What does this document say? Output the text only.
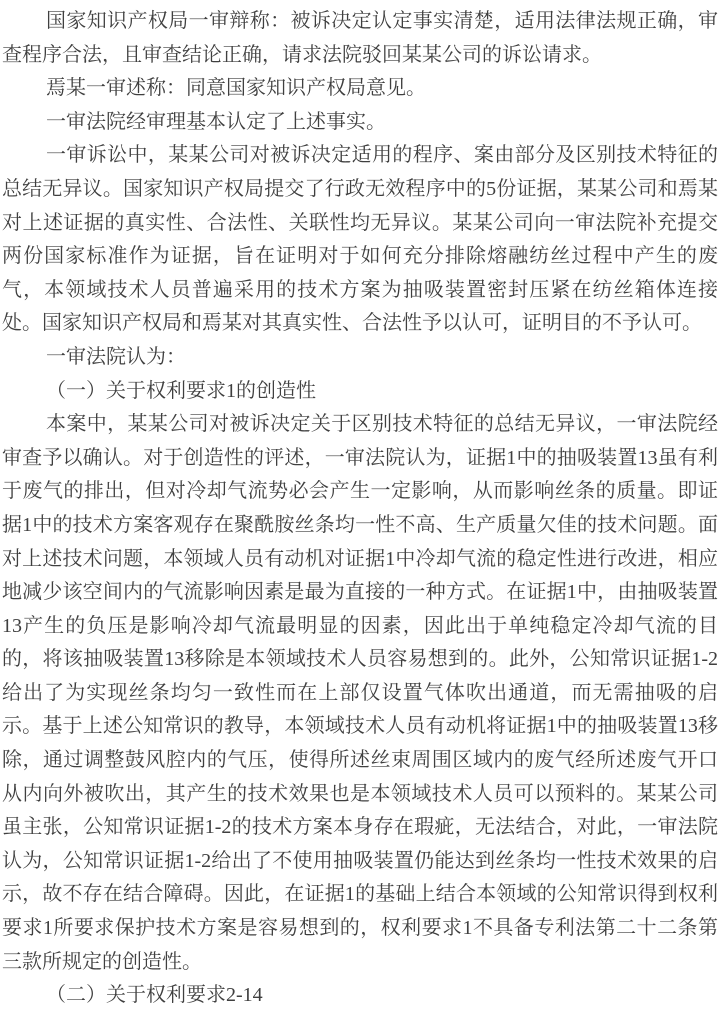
国家知识产权局一审辩称：被诉决定认定事实清楚，适用法律法规正确，审查程序合法，且审查结论正确，请求法院驳回某某公司的诉讼请求。

焉某一审述称：同意国家知识产权局意见。

一审法院经审理基本认定了上述事实。

一审诉讼中，某某公司对被诉决定适用的程序、案由部分及区别技术特征的总结无异议。国家知识产权局提交了行政无效程序中的5份证据，某某公司和焉某对上述证据的真实性、合法性、关联性均无异议。某某公司向一审法院补充提交两份国家标准作为证据，旨在证明对于如何充分排除熔融纺丝过程中产生的废气，本领域技术人员普遍采用的技术方案为抽吸装置密封压紧在纺丝箱体连接处。国家知识产权局和焉某对其真实性、合法性予以认可，证明目的不予认可。

一审法院认为：

（一）关于权利要求1的创造性

本案中，某某公司对被诉决定关于区别技术特征的总结无异议，一审法院经审查予以确认。对于创造性的评述，一审法院认为，证据1中的抽吸装置13虽有利于废气的排出，但对冷却气流势必会产生一定影响，从而影响丝条的质量。即证据1中的技术方案客观存在聚酰胺丝条均一性不高、生产质量欠佳的技术问题。面对上述技术问题，本领域人员有动机对证据1中冷却气流的稳定性进行改进，相应地减少该空间内的气流影响因素是最为直接的一种方式。在证据1中，由抽吸装置13产生的负压是影响冷却气流最明显的因素，因此出于单纯稳定冷却气流的目的，将该抽吸装置13移除是本领域技术人员容易想到的。此外，公知常识证据1-2给出了为实现丝条均匀一致性而在上部仅设置气体吹出通道，而无需抽吸的启示。基于上述公知常识的教导，本领域技术人员有动机将证据1中的抽吸装置13移除，通过调整鼓风腔内的气压，使得所述丝束周围区域内的废气经所述废气开口从内向外被吹出，其产生的技术效果也是本领域技术人员可以预料的。某某公司虽主张，公知常识证据1-2的技术方案本身存在瑕疵，无法结合，对此，一审法院认为，公知常识证据1-2给出了不使用抽吸装置仍能达到丝条均一性技术效果的启示，故不存在结合障碍。因此，在证据1的基础上结合本领域的公知常识得到权利要求1所要求保护技术方案是容易想到的，权利要求1不具备专利法第二十二条第三款所规定的创造性。

（二）关于权利要求2-14
